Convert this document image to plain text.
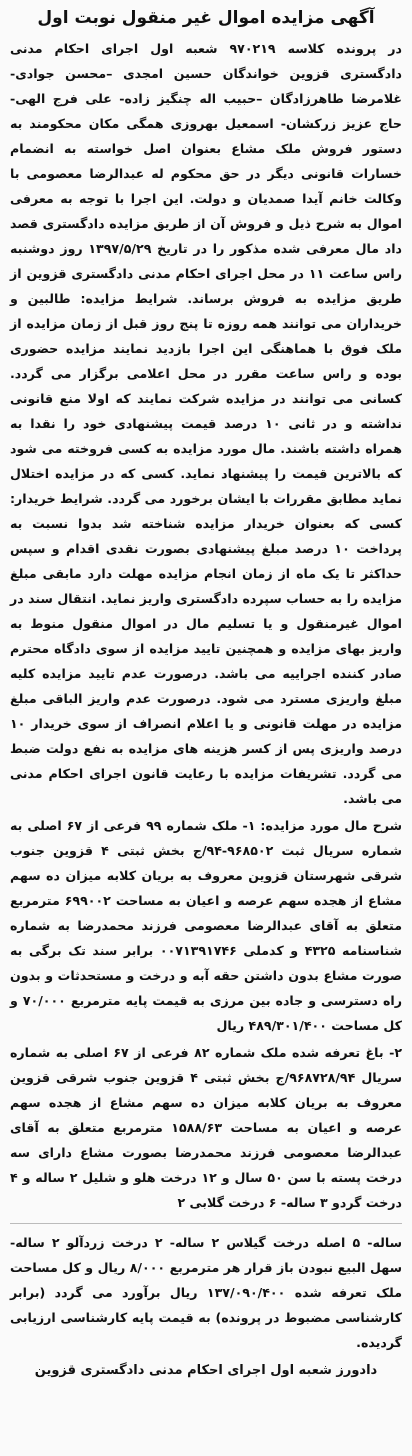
آگهی مزایده اموال غیر منقول نوبت اول

در پرونده کلاسه ۹۷۰۲۱۹ شعبه اول اجرای احکام مدنی دادگستری قزوین خواندگان حسین امجدی –محسن جوادی- غلامرضا طاهرزادگان –حبیب اله چنگیز زاده- علی فرج الهی- حاج عزیز زرکشان- اسمعیل بهروزی همگی مکان محکومند به دستور فروش ملک مشاع بعنوان اصل خواسته به انضمام خسارات قانونی دیگر در حق محکوم له عبدالرضا معصومی با وکالت خانم آیدا صمدیان و دولت. این اجرا با توجه به معرفی اموال به شرح ذیل و فروش آن از طریق مزایده دادگستری قصد داد مال معرفی شده مذکور را در تاریخ ۱۳۹۷/۵/۲۹ روز دوشنبه راس ساعت ۱۱ در محل اجرای احکام مدنی دادگستری قزوین از طریق مزایده به فروش برساند. شرایط مزایده: طالبین و خریداران می توانند همه روزه تا پنج روز قبل از زمان مزایده از ملک فوق با هماهنگی این اجرا بازدید نمایند مزایده حضوری بوده و راس ساعت مقرر در محل اعلامی برگزار می گردد. کسانی می توانند در مزایده شرکت نمایند که اولا منع قانونی نداشته و در ثانی ۱۰ درصد قیمت پیشنهادی خود را نقدا به همراه داشته باشند. مال مورد مزایده به کسی فروخته می شود که بالاترین قیمت را پیشنهاد نماید. کسی که در مزایده اختلال نماید مطابق مقررات با ایشان برخورد می گردد. شرایط خریدار: کسی که بعنوان خریدار مزایده شناخته شد بدوا نسبت به پرداخت ۱۰ درصد مبلغ پیشنهادی بصورت نقدی اقدام و سپس حداکثر تا یک ماه از زمان انجام مزایده مهلت دارد مابقی مبلغ مزایده را به حساب سپرده دادگستری واریز نماید. انتقال سند در اموال غیرمنقول و یا تسلیم مال در اموال منقول منوط به واریز بهای مزایده و همچنین تایید مزایده از سوی دادگاه محترم صادر کننده اجراییه می باشد. درصورت عدم تایید مزایده کلیه مبلغ واریزی مسترد می شود. درصورت عدم واریز الباقی مبلغ مزایده در مهلت قانونی و یا اعلام انصراف از سوی خریدار ۱۰ درصد واریزی پس از کسر هزینه های مزایده به نفع دولت ضبط می گردد. تشریفات مزایده با رعایت قانون اجرای احکام مدنی می باشد.

شرح مال مورد مزایده: ۱- ملک شماره ۹۹ فرعی از ۶۷ اصلی به شماره سریال ثبت ۹۶۸۵۰۲-۹۴/ج بخش ثبتی ۴ قزوین جنوب شرقی شهرستان قزوین معروف به بریان کلابه میزان ده سهم مشاع از هجده سهم عرصه و اعیان به مساحت ۶۹۹۰۰۲ مترمربع متعلق به آقای عبدالرضا معصومی فرزند محمدرضا به شماره شناسنامه ۴۳۲۵ و کدملی ۰۰۷۱۳۹۱۷۴۶ برابر سند تک برگی به صورت مشاع بدون داشتن حقه آبه و درخت و مستحدثات و بدون راه دسترسی و جاده بین مرزی به قیمت پایه مترمربع ۷۰/۰۰۰ و کل مساحت ۴۸۹/۳۰۱/۴۰۰ ریال

۲- باغ تعرفه شده ملک شماره ۸۲ فرعی از ۶۷ اصلی به شماره سریال ۹۶۸۷۲۸/۹۴/ج بخش ثبتی ۴ قزوین جنوب شرقی قزوین معروف به بریان کلابه میزان ده سهم مشاع از هجده سهم عرصه و اعیان به مساحت ۱۵۸۸/۶۳ مترمربع متعلق به آقای عبدالرضا معصومی فرزند محمدرضا بصورت مشاع دارای سه درخت پسته با سن ۵۰ سال و ۱۲ درخت هلو و شلیل ۲ ساله و ۴ درخت گردو ۳ ساله- ۶ درخت گلابی ۲

ساله- ۵ اصله درخت گیلاس ۲ ساله- ۲ درخت زردآلو ۲ ساله- سهل البیع نبودن باز قرار هر مترمربع ۸/۰۰۰ ریال و کل مساحت ملک تعرفه شده ۱۳۷/۰۹۰/۴۰۰ ریال برآورد می گردد (برابر کارشناسی مضبوط در پرونده) به قیمت پایه کارشناسی ارزیابی گردیده.

دادورز شعبه اول اجرای احکام مدنی دادگستری قزوین
